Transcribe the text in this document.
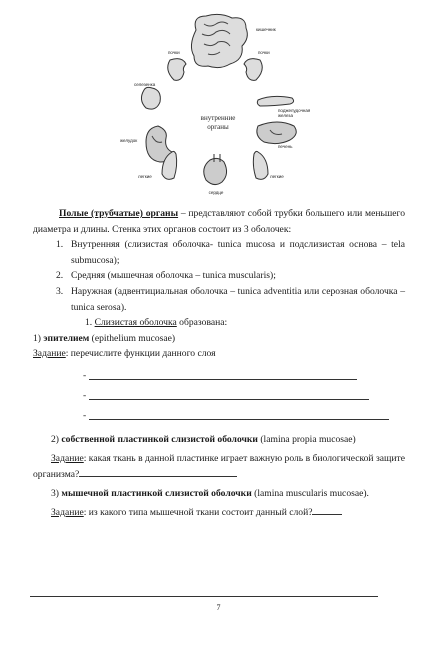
кишечник
почки	почки
селезенка
поджелудочная
железа
внутренние
органы
желудок
печень
легкие	легкие
сердце

Полые (трубчатые) органы – представляют собой трубки большего или меньшего диаметра и длины. Стенка этих органов состоит из 3 оболочек:

1. Внутренняя (слизистая оболочка- tunica mucosa и подслизистая основа – tela submucosa);
2. Средняя (мышечная оболочка – tunica muscularis);
3. Наружная (адвентициальная оболочка – tunica adventitia или серозная оболочка – tunica serosa).

1. Слизистая оболочка образована:

1) эпителием (epithelium mucosae)

Задание: перечислите функции данного слоя

-
-
-

2) собственной пластинкой слизистой оболочки (lamina propia mucosae)

Задание: какая ткань в данной пластинке играет важную роль в биологической защите организма?

3) мышечной пластинкой слизистой оболочки (lamina muscularis mucosae).

Задание: из какого типа мышечной ткани состоит данный слой?

7
